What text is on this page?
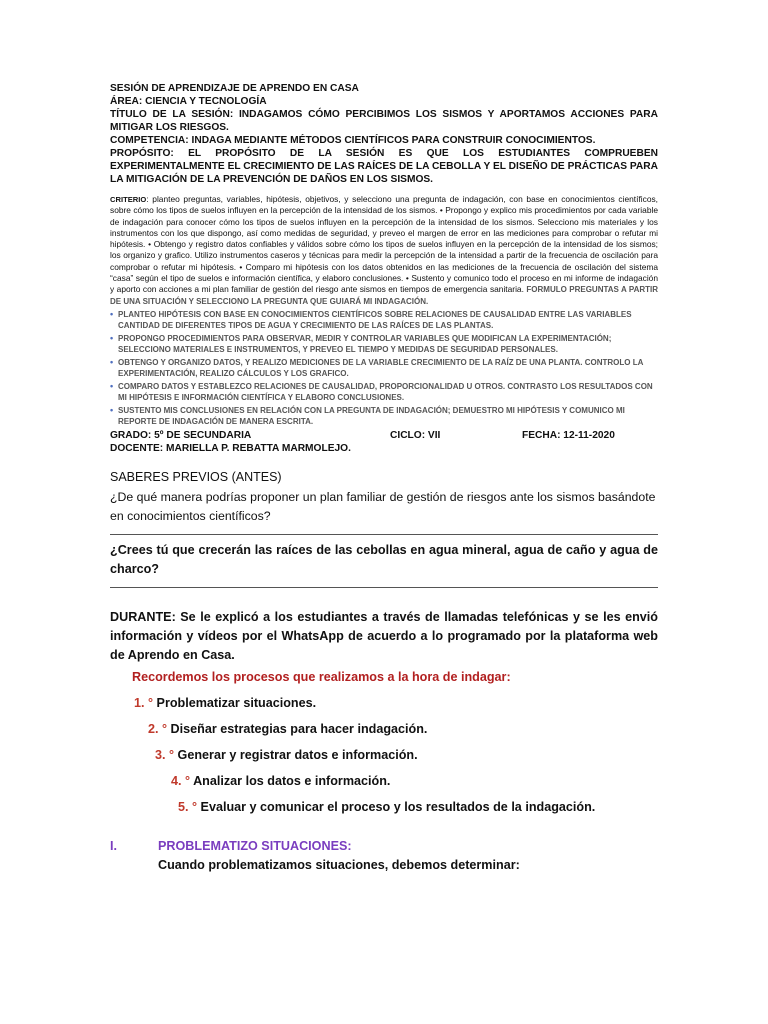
SESIÓN DE APRENDIZAJE DE APRENDO EN CASA

ÁREA: CIENCIA Y TECNOLOGÍA

TÍTULO DE LA SESIÓN: INDAGAMOS CÓMO PERCIBIMOS LOS SISMOS Y APORTAMOS ACCIONES PARA MITIGAR LOS RIESGOS.

COMPETENCIA: INDAGA MEDIANTE MÉTODOS CIENTÍFICOS PARA CONSTRUIR CONOCIMIENTOS.

PROPÓSITO: EL PROPÓSITO DE LA SESIÓN ES QUE LOS ESTUDIANTES COMPRUEBEN EXPERIMENTALMENTE EL CRECIMIENTO DE LAS RAÍCES DE LA CEBOLLA Y EL DISEÑO DE PRÁCTICAS PARA LA MITIGACIÓN DE LA PREVENCIÓN DE DAÑOS EN LOS SISMOS.

CRITERIO: planteo preguntas, variables, hipótesis, objetivos, y selecciono una pregunta de indagación, con base en conocimientos científicos, sobre cómo los tipos de suelos influyen en la percepción de la intensidad de los sismos. • Propongo y explico mis procedimientos por cada variable de indagación para conocer cómo los tipos de suelos influyen en la percepción de la intensidad de los sismos. Selecciono mis materiales y los instrumentos con los que dispongo, así como medidas de seguridad, y preveo el margen de error en las mediciones para comprobar o refutar mi hipótesis. • Obtengo y registro datos confiables y válidos sobre cómo los tipos de suelos influyen en la percepción de la intensidad de los sismos; los organizo y grafico. Utilizo instrumentos caseros y técnicas para medir la percepción de la intensidad a partir de la frecuencia de oscilación para comprobar o refutar mi hipótesis. • Comparo mi hipótesis con los datos obtenidos en las mediciones de la frecuencia de oscilación del sistema “casa” según el tipo de suelos e información científica, y elaboro conclusiones. • Sustento y comunico todo el proceso en mi informe de indagación y aporto con acciones a mi plan familiar de gestión del riesgo ante sismos en tiempos de emergencia sanitaria. FORMULO PREGUNTAS A PARTIR DE UNA SITUACIÓN Y SELECCIONO LA PREGUNTA QUE GUIARÁ MI INDAGACIÓN.
• PLANTEO HIPÓTESIS CON BASE EN CONOCIMIENTOS CIENTÍFICOS SOBRE RELACIONES DE CAUSALIDAD ENTRE LAS VARIABLES CANTIDAD DE DIFERENTES TIPOS DE AGUA Y CRECIMIENTO DE LAS RAÍCES DE LAS PLANTAS.
• PROPONGO PROCEDIMIENTOS PARA OBSERVAR, MEDIR Y CONTROLAR VARIABLES QUE MODIFICAN LA EXPERIMENTACIÓN; SELECCIONO MATERIALES E INSTRUMENTOS, Y PREVEO EL TIEMPO Y MEDIDAS DE SEGURIDAD PERSONALES.
• OBTENGO Y ORGANIZO DATOS, Y REALIZO MEDICIONES DE LA VARIABLE CRECIMIENTO DE LA RAÍZ DE UNA PLANTA. CONTROLO LA EXPERIMENTACIÓN, REALIZO CÁLCULOS Y LOS GRAFICO.
• COMPARO DATOS Y ESTABLEZCO RELACIONES DE CAUSALIDAD, PROPORCIONALIDAD U OTROS. CONTRASTO LOS RESULTADOS CON MI HIPÓTESIS E INFORMACIÓN CIENTÍFICA Y ELABORO CONCLUSIONES.
• SUSTENTO MIS CONCLUSIONES EN RELACIÓN CON LA PREGUNTA DE INDAGACIÓN; DEMUESTRO MI HIPÓTESIS Y COMUNICO MI REPORTE DE INDAGACIÓN DE MANERA ESCRITA.
GRADO: 5º DE SECUNDARIA	CICLO: VII	FECHA: 12-11-2020
DOCENTE: MARIELLA P. REBATTA MARMOLEJO.
SABERES PREVIOS (ANTES)
¿De qué manera podrías proponer un plan familiar de gestión de riesgos ante los sismos basándote en conocimientos científicos?
¿Crees tú que crecerán las raíces de las cebollas en agua mineral, agua de caño y agua de charco?
DURANTE: Se le explicó a los estudiantes a través de llamadas telefónicas y se les envió información y vídeos por el WhatsApp de acuerdo a lo programado por la plataforma web de Aprendo en Casa.
Recordemos los procesos que realizamos a la hora de indagar:
1. ° Problematizar situaciones.
2. ° Diseñar estrategias para hacer indagación.
3. ° Generar y registrar datos e información.
4. ° Analizar los datos e información.
5. ° Evaluar y comunicar el proceso y los resultados de la indagación.
I.	PROBLEMATIZO SITUACIONES:
Cuando problematizamos situaciones, debemos determinar:
